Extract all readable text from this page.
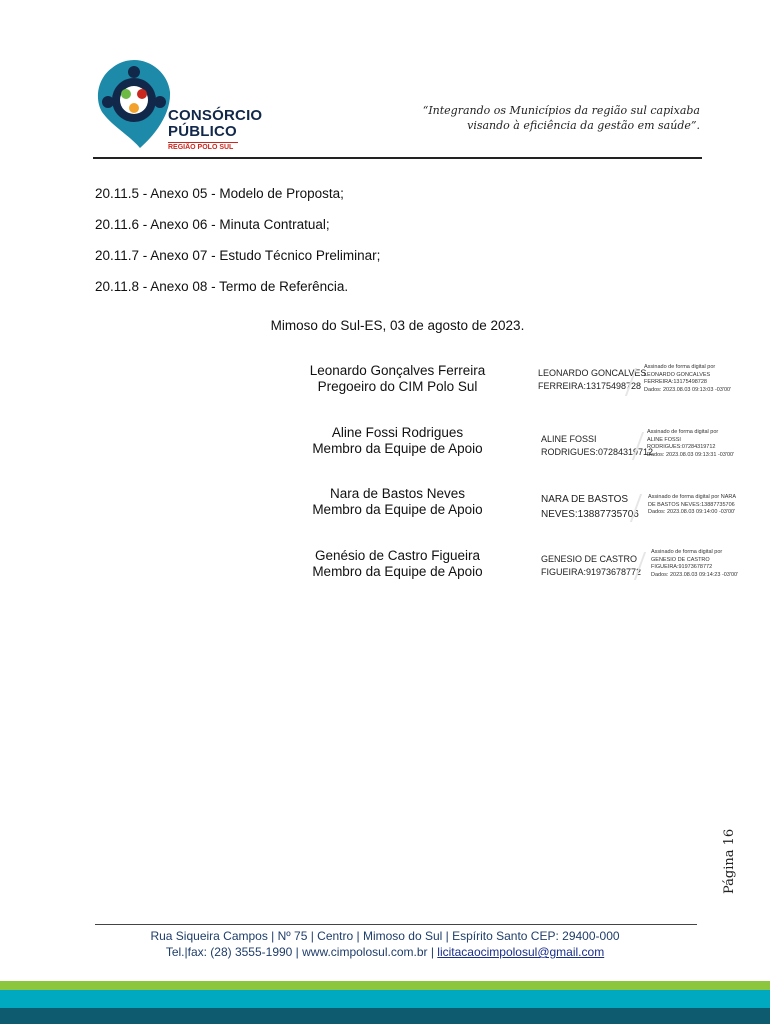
CONSÓRCIO
PÚBLICO
REGIÃO POLO SUL
“Integrando os Municípios da região sul capixaba
visando à eficiência da gestão em saúde”.
20.11.5 - Anexo 05 - Modelo de Proposta;
20.11.6 - Anexo 06 - Minuta Contratual;
20.11.7 - Anexo 07 - Estudo Técnico Preliminar;
20.11.8 - Anexo 08 - Termo de Referência.
Mimoso do Sul-ES, 03 de agosto de 2023.
Leonardo Gonçalves Ferreira
Pregoeiro do CIM Polo Sul
LEONARDO GONCALVES
FERREIRA:13175498728
Assinado de forma digital por
LEONARDO GONCALVES
FERREIRA:13175498728
Dados: 2023.08.03 09:13:03 -03'00'
Aline Fossi Rodrigues
Membro da Equipe de Apoio
ALINE FOSSI
RODRIGUES:07284319712
Assinado de forma digital por
ALINE FOSSI
RODRIGUES:07284319712
Dados: 2023.08.03 09:13:31 -03'00'
Nara de Bastos Neves
Membro da Equipe de Apoio
NARA DE BASTOS
NEVES:13887735706
Assinado de forma digital por NARA
DE BASTOS NEVES:13887735706
Dados: 2023.08.03 09:14:00 -03'00'
Genésio de Castro Figueira
Membro da Equipe de Apoio
GENESIO DE CASTRO
FIGUEIRA:91973678772
Assinado de forma digital por
GENESIO DE CASTRO
FIGUEIRA:91973678772
Dados: 2023.08.03 09:14:23 -03'00'
Página 16
Rua Siqueira Campos | Nº 75 | Centro | Mimoso do Sul | Espírito Santo CEP: 29400-000
Tel.|fax: (28) 3555-1990 | www.cimpolosul.com.br | licitacaocimpolosul@gmail.com
